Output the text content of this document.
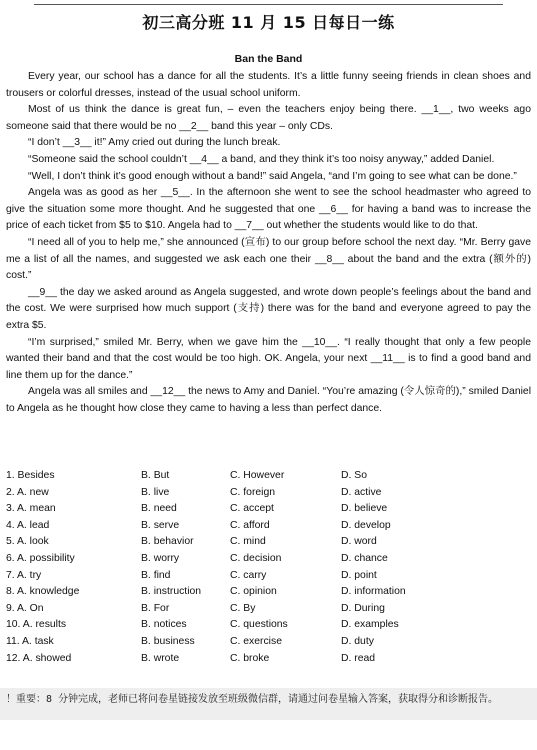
初三高分班 11 月 15 日每日一练
Ban the Band

Every year, our school has a dance for all the students. It’s a little funny seeing friends in clean shoes and trousers or colorful dresses, instead of the usual school uniform.

Most of us think the dance is great fun, – even the teachers enjoy being there. __1__, two weeks ago someone said that there would be no __2__ band this year – only CDs.

“I don’t __3__ it!” Amy cried out during the lunch break.

“Someone said the school couldn’t __4__ a band, and they think it’s too noisy anyway,” added Daniel.

“Well, I don’t think it’s good enough without a band!” said Angela, “and I’m going to see what can be done.”

Angela was as good as her __5__. In the afternoon she went to see the school headmaster who agreed to give the situation some more thought. And he suggested that one __6__ for having a band was to increase the price of each ticket from $5 to $10. Angela had to __7__ out whether the students would like to do that.

“I need all of you to help me,” she announced (宣布) to our group before school the next day. “Mr. Berry gave me a list of all the names, and suggested we ask each one their __8__ about the band and the extra (额外的) cost.”

__9__ the day we asked around as Angela suggested, and wrote down people’s feelings about the band and the cost. We were surprised how much support (支持) there was for the band and everyone agreed to pay the extra $5.

“I’m surprised,” smiled Mr. Berry, when we gave him the __10__. “I really thought that only a few people wanted their band and that the cost would be too high. OK. Angela, your next __11__ is to find a good band and line them up for the dance.”

Angela was all smiles and __12__ the news to Amy and Daniel. “You’re amazing (令人惊奇的),” smiled Daniel to Angela as he thought how close they came to having a less than perfect dance.

1. Besides	B. But	C. However	D. So
2. A. new	B. live	C. foreign	D. active
3. A. mean	B. need	C. accept	D. believe
4. A. lead	B. serve	C. afford	D. develop
5. A. look	B. behavior	C. mind	D. word
6. A. possibility	B. worry	C. decision	D. chance
7. A. try	B. find	C. carry	D. point
8. A. knowledge	B. instruction	C. opinion	D. information
9. A. On	B. For	C. By	D. During
10. A. results	B. notices	C. questions	D. examples
11. A. task	B. business	C. exercise	D. duty
12. A. showed	B. wrote	C. broke	D. read
！重要：8 分钟完成，老师已将问卷星链接发放至班级微信群，请通过问卷星输入答案，获取得分和诊断报告。
